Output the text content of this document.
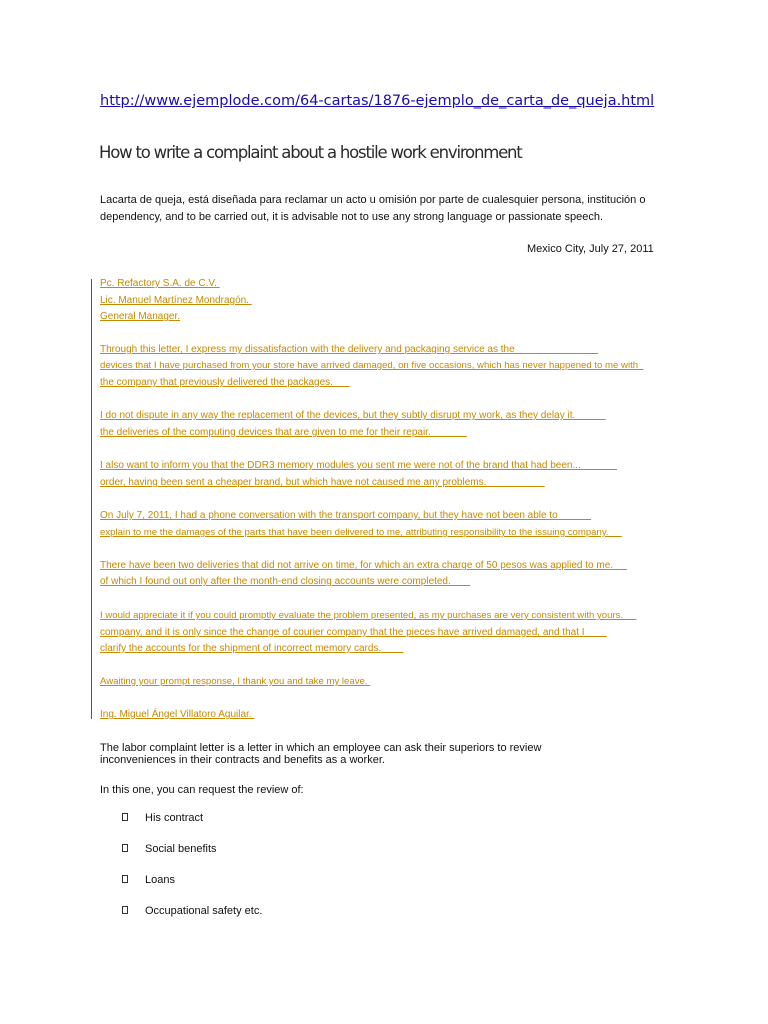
http://www.ejemplode.com/64-cartas/1876-ejemplo_de_carta_de_queja.html
How to write a complaint about a hostile work environment

Lacarta de queja, está diseñada para reclamar un acto u omisión por parte de cualesquier persona, institución o

dependency, and to be carried out, it is advisable not to use any strong language or passionate speech.

Mexico City, July 27, 2011
Pc. Refactory S.A. de C.V.
Lic. Manuel Martínez Mondragón.
General Manager.
Through this letter, I express my dissatisfaction with the delivery and packaging service as the
devices that I have purchased from your store have arrived damaged, on five occasions, which has never happened to me with
the company that previously delivered the packages.
I do not dispute in any way the replacement of the devices, but they subtly disrupt my work, as they delay it.
the deliveries of the computing devices that are given to me for their repair.
I also want to inform you that the DDR3 memory modules you sent me were not of the brand that had been...
order, having been sent a cheaper brand, but which have not caused me any problems.
On July 7, 2011, I had a phone conversation with the transport company, but they have not been able to
explain to me the damages of the parts that have been delivered to me, attributing responsibility to the issuing company.
There have been two deliveries that did not arrive on time, for which an extra charge of 50 pesos was applied to me.
of which I found out only after the month-end closing accounts were completed.
I would appreciate it if you could promptly evaluate the problem presented, as my purchases are very consistent with yours.
company, and it is only since the change of courier company that the pieces have arrived damaged, and that I
clarify the accounts for the shipment of incorrect memory cards.
Awaiting your prompt response, I thank you and take my leave.
Ing. Miguel Ángel Villatoro Aguilar.

The labor complaint letter is a letter in which an employee can ask their superiors to review

inconveniences in their contracts and benefits as a worker.

In this one, you can request the review of:
His contract
Social benefits
Loans
Occupational safety etc.
